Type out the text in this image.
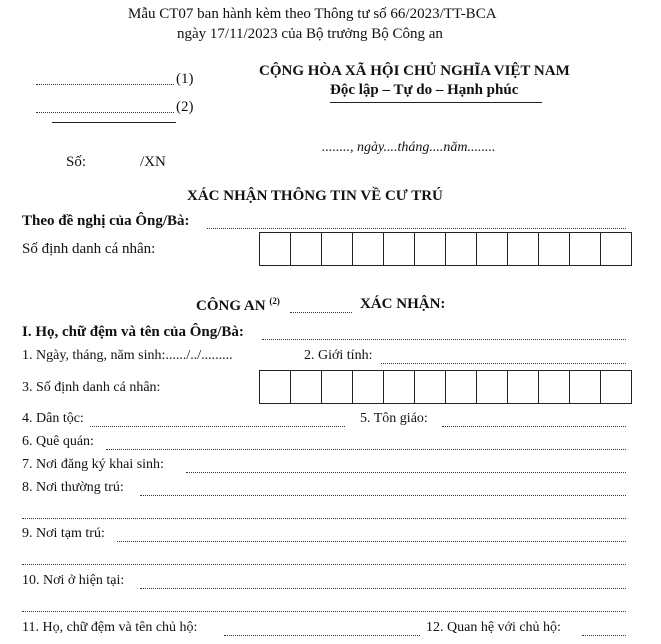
Mẫu CT07 ban hành kèm theo Thông tư số 66/2023/TT-BCA
ngày 17/11/2023 của Bộ trưởng Bộ Công an
(1)
(2)
CỘNG HÒA XÃ HỘI CHỦ NGHĨA VIỆT NAM
Độc lập – Tự do – Hạnh phúc
Số:	/XN
........, ngày....tháng....năm........
XÁC NHẬN THÔNG TIN VỀ CƯ TRÚ
Theo đề nghị của Ông/Bà:
Số định danh cá nhân:
CÔNG AN $^{(2)}$	XÁC NHẬN:
I. Họ, chữ đệm và tên của Ông/Bà:
1. Ngày, tháng, năm sinh:....../../.........	2. Giới tính:
3. Số định danh cá nhân:
4. Dân tộc:	5. Tôn giáo:
6. Quê quán:
7. Nơi đăng ký khai sinh:
8. Nơi thường trú:
9. Nơi tạm trú:
10. Nơi ở hiện tại:
11. Họ, chữ đệm và tên chủ hộ:	12. Quan hệ với chủ hộ:
